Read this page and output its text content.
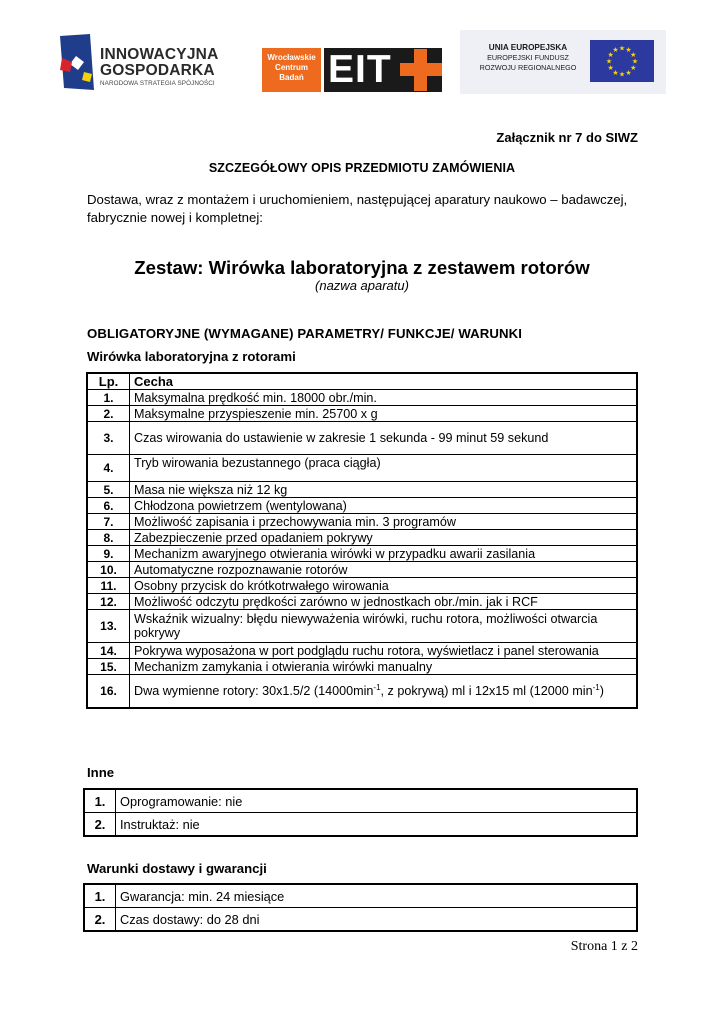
INNOWACYJNA
GOSPODARKA
NARODOWA STRATEGIA SPÓJNOŚCI
Wrocławskie
Centrum
Badań EIT
UNIA EUROPEJSKA
EUROPEJSKI FUNDUSZ
ROZWOJU REGIONALNEGO
★ ★
★
★
★
★
★
★
★
★
★
★
Załącznik nr 7 do SIWZ
SZCZEGÓŁOWY OPIS PRZEDMIOTU ZAMÓWIENIA
Dostawa, wraz z montażem i uruchomieniem, następującej aparatury naukowo – badawczej, fabrycznie nowej i kompletnej:
Zestaw: Wirówka laboratoryjna z zestawem rotorów
(nazwa aparatu)
OBLIGATORYJNE (WYMAGANE) PARAMETRY/ FUNKCJE/ WARUNKI
Wirówka laboratoryjna z rotorami
Lp.	Cecha
1.	Maksymalna prędkość min. 18000 obr./min.
2.	Maksymalne przyspieszenie min. 25700 x g
3.	Czas wirowania do ustawienie w zakresie 1 sekunda - 99 minut 59 sekund
4.	Tryb wirowania bezustannego (praca ciągła)
5.	Masa nie większa niż 12 kg
6.	Chłodzona powietrzem (wentylowana)
7.	Możliwość zapisania i przechowywania min. 3 programów
8.	Zabezpieczenie przed opadaniem pokrywy
9.	Mechanizm awaryjnego otwierania wirówki w przypadku awarii zasilania
10.	Automatyczne rozpoznawanie rotorów
11.	Osobny przycisk do krótkotrwałego wirowania
12.	Możliwość odczytu prędkości zarówno w jednostkach obr./min. jak i RCF
13.	Wskaźnik wizualny: błędu niewyważenia wirówki, ruchu rotora, możliwości otwarcia pokrywy
14.	Pokrywa wyposażona w port podglądu ruchu rotora, wyświetlacz i panel sterowania
15.	Mechanizm zamykania i otwierania wirówki manualny
16.	Dwa wymienne rotory: 30x1.5/2 ($14000\min^{-1}$, z pokrywą) ml i 12x15 ml (12000 $\min^{-1}$)
Inne
1.	Oprogramowanie: nie
2.	Instruktaż: nie
Warunki dostawy i gwarancji
1.	Gwarancja: min. 24 miesiące
2.	Czas dostawy: do 28 dni
Strona 1 z 2
